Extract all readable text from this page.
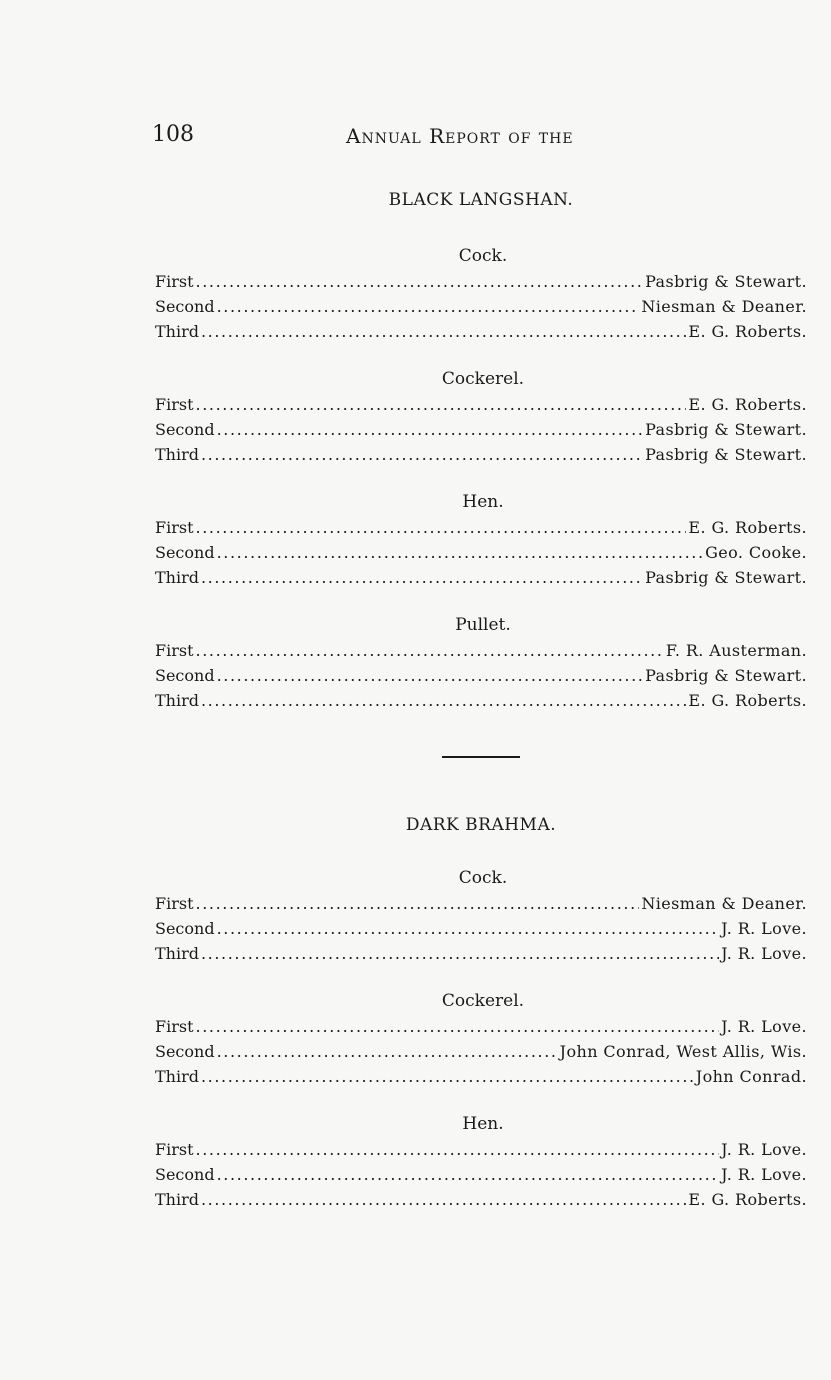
108	Annual Report of the
BLACK LANGSHAN.
Cock.
First .....	Pasbrig & Stewart.
Second .....	Niesman & Deaner.
Third .....	E. G. Roberts.
Cockerel.
First .....	E. G. Roberts.
Second .....	Pasbrig & Stewart.
Third .....	Pasbrig & Stewart.
Hen.
First .....	E. G. Roberts.
Second .....	Geo. Cooke.
Third .....	Pasbrig & Stewart.
Pullet.
First .....	F. R. Austerman.
Second .....	Pasbrig & Stewart.
Third .....	E. G. Roberts.
DARK BRAHMA.
Cock.
First .....	Niesman & Deaner.
Second .....	J. R. Love.
Third .....	J. R. Love.
Cockerel.
First .....	J. R. Love.
Second .....	John Conrad, West Allis, Wis.
Third .....	John Conrad.
Hen.
First .....	J. R. Love.
Second .....	J. R. Love.
Third .....	E. G. Roberts.
